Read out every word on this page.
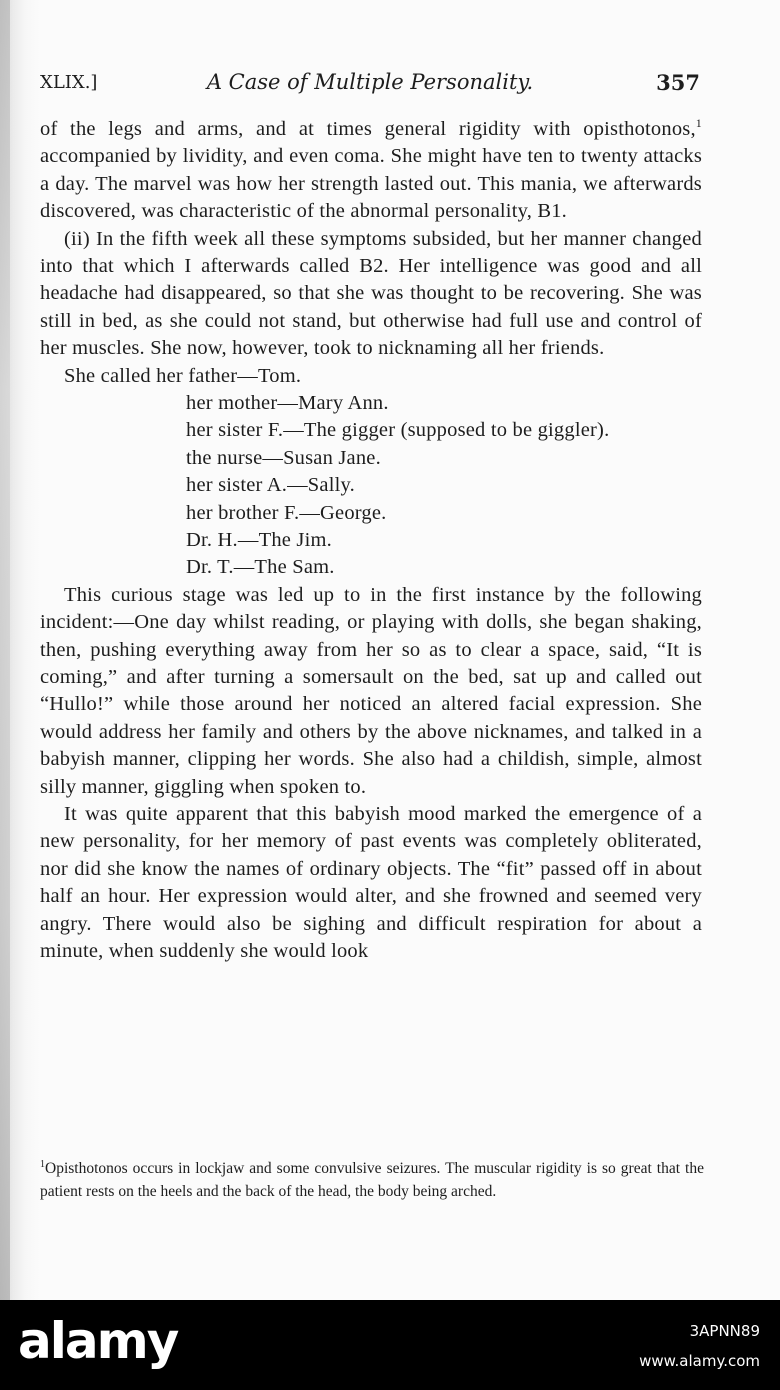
XLIX.]	A Case of Multiple Personality.	357

of the legs and arms, and at times general rigidity with opisthotonos,$^1$ accompanied by lividity, and even coma. She might have ten to twenty attacks a day. The marvel was how her strength lasted out. This mania, we afterwards discovered, was characteristic of the abnormal personality, B1.

(ii) In the fifth week all these symptoms subsided, but her manner changed into that which I afterwards called B2. Her intelligence was good and all headache had disappeared, so that she was thought to be recovering. She was still in bed, as she could not stand, but otherwise had full use and control of her muscles. She now, however, took to nicknaming all her friends.

She called her father —Tom.
her mother—Mary Ann.
her sister F.—The gigger (supposed to be giggler).
the nurse—Susan Jane.
her sister A.—Sally.
her brother F.—George.
Dr. H.—The Jim.
Dr. T.—The Sam.

This curious stage was led up to in the first instance by the following incident:—One day whilst reading, or playing with dolls, she began shaking, then, pushing everything away from her so as to clear a space, said, “It is coming,” and after turning a somersault on the bed, sat up and called out “Hullo!” while those around her noticed an altered facial expression. She would address her family and others by the above nicknames, and talked in a babyish manner, clipping her words. She also had a childish, simple, almost silly manner, giggling when spoken to.

It was quite apparent that this babyish mood marked the emergence of a new personality, for her memory of past events was completely obliterated, nor did she know the names of ordinary objects. The “fit” passed off in about half an hour. Her expression would alter, and she frowned and seemed very angry. There would also be sighing and difficult respiration for about a minute, when suddenly she would look

$^1$Opisthotonos occurs in lockjaw and some convulsive seizures. The muscular rigidity is so great that the patient rests on the heels and the back of the head, the body being arched.
alamy	3APNN89
www.alamy.com
